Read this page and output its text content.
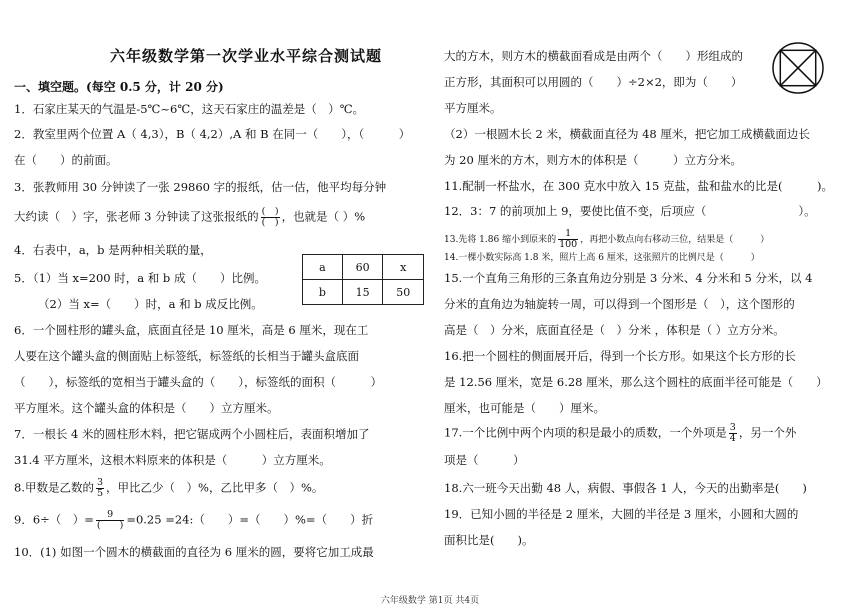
六年级数学第一次学业水平综合测试题
一、填空题。(每空 0.5 分，计 20 分)
1．石家庄某天的气温是-5℃~6℃，这天石家庄的温差是（　）℃。
2．教室里两个位置 A（ 4,3），B（ 4,2）,A 和 B 在同一（　　），（　　　）
在（　　）的前面。
3．张教师用 30 分钟读了一张 29860 字的报纸，估一估，他平均每分钟
大约读（　）字，张老师 3 分钟读了这张报纸的 $\frac{( )}{( )}$ ，也就是（ ）%
4．右表中，a，b 是两种相关联的量，
5．（1）当 x=200 时，a 和 b 成（　　）比例。
（2）当 x=（　　）时，a 和 b 成反比例。
a	60	x
b	15	50
6．一个圆柱形的罐头盒，底面直径是 10 厘米，高是 6 厘米，现在工
人要在这个罐头盒的侧面贴上标签纸，标签纸的长相当于罐头盒底面
（　　），标签纸的宽相当于罐头盒的（　　），标签纸的面积（　　　）
平方厘米。这个罐头盒的体积是（　　）立方厘米。
7．一根长 4 米的圆柱形木料，把它锯成两个小圆柱后，表面积增加了
31.4 平方厘米，这根木料原来的体积是（　　　）立方厘米。
8.甲数是乙数的 $\frac{3}{5}$ ，甲比乙少（　）%，乙比甲多（　）%。
9．6÷（　）= $\frac{9}{( )} =0.25$ =24:（　　）=（　　）%=（　　）折
10．(1) 如图一个圆木的横截面的直径为 6 厘米的圆，要将它加工成最
大的方木，则方木的横截面看成是由两个（　　）形组成的
正方形，其面积可以用圆的（　　）÷2×2，即为（　　）
平方厘米。
（2）一根圆木长 2 米，横截面直径为 48 厘米，把它加工成横截面边长
为 20 厘米的方木，则方木的体积是（　　　）立方分米。
11.配制一杯盐水，在 300 克水中放入 15 克盐，盐和盐水的比是(　　　)。
12．3：7 的前项加上 9，要使比值不变，后项应（　　　　　　　　）。
13.先将 1.86 缩小到原来的 $\frac{1}{100}$ ，再把小数点向右移动三位，结果是（　　　）
14.一棵小数实际高 1.8 米，照片上高 6 厘米，这张照片的比例尺是（　　　）
15.一个直角三角形的三条直角边分别是 3 分米、4 分米和 5 分米，以 4
分米的直角边为轴旋转一周，可以得到一个图形是（　），这个图形的
高是（　）分米，底面直径是（　）分米 ，体积是（ ）立方分米。
16.把一个圆柱的侧面展开后，得到一个长方形。如果这个长方形的长
是 12.56 厘米，宽是 6.28 厘米，那么这个圆柱的底面半径可能是（　　）
厘米，也可能是（　　）厘米。
17.一个比例中两个内项的积是最小的质数，一个外项是 $\frac{3}{4}$ ，另一个外
项是（　　　）
18.六一班今天出勤 48 人，病假、事假各 1 人，今天的出勤率是(　　)
19．已知小圆的半径是 2 厘米，大圆的半径是 3 厘米，小圆和大圆的
面积比是(　　)。
六年级数学 第1页 共4页
